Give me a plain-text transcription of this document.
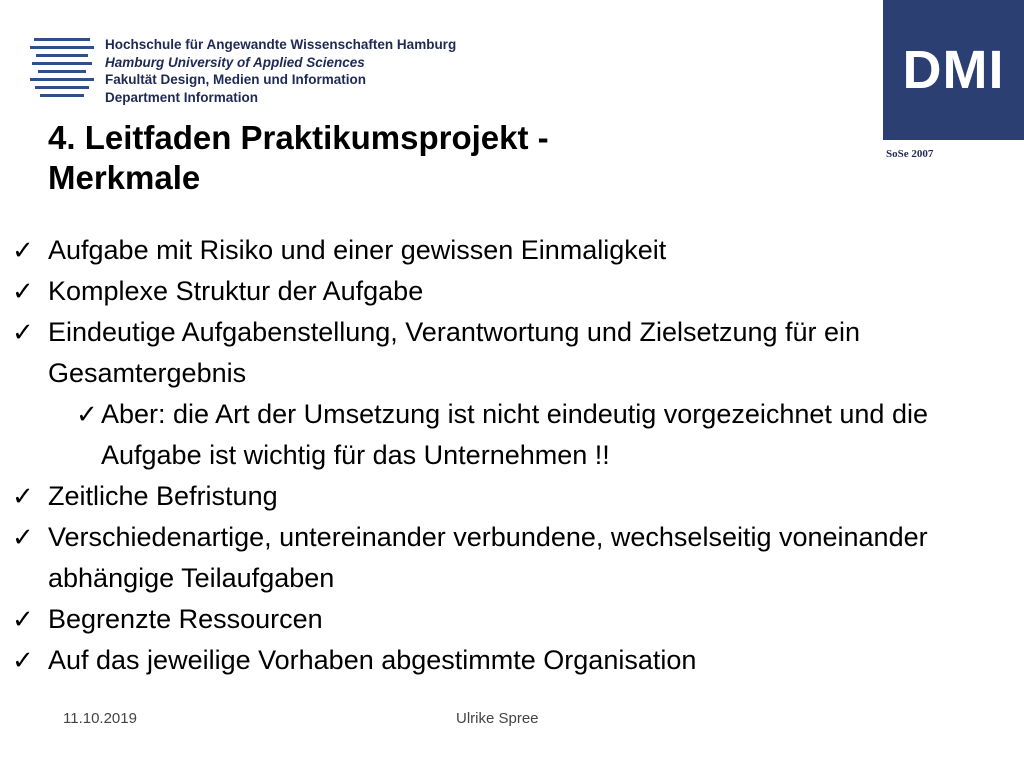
Hochschule für Angewandte Wissenschaften Hamburg
Hamburg University of Applied Sciences
Fakultät Design, Medien und Information
Department Information	DMI
SoSe 2007
4. Leitfaden Praktikumsprojekt -
Merkmale
✓ Aufgabe mit Risiko und einer gewissen Einmaligkeit
✓ Komplexe Struktur der Aufgabe
✓ Eindeutige Aufgabenstellung, Verantwortung und Zielsetzung für ein Gesamtergebnis
✓ Aber: die Art der Umsetzung ist nicht eindeutig vorgezeichnet und die Aufgabe ist wichtig für das Unternehmen !!
✓ Zeitliche Befristung
✓ Verschiedenartige, untereinander verbundene, wechselseitig voneinander abhängige Teilaufgaben
✓ Begrenzte Ressourcen
✓ Auf das jeweilige Vorhaben abgestimmte Organisation
11.10.2019	Ulrike Spree
